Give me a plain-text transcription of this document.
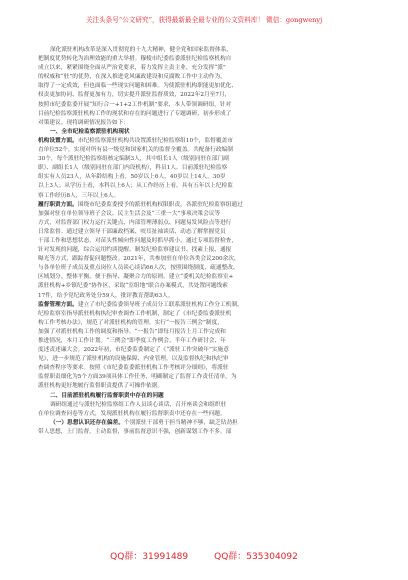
关注头条号“公文研究”，获得最新最全最专业的公文资料库！ 微信：gongwenyj
深化派驻机构改革是深入贯彻党的十九大精神，健全党和国家监督体系，
把制度优势转化为治理效能的重大举措。穆棱市纪委监委派驻纪检监察机构自
成立以来，紧紧围绕全面从严治党要求，着力发挥主责主业，充分发挥“派”
的权威和“驻”的优势，在深入推进党风廉政建设和反腐败工作中主动作为，
取得了一定成效，但也面临一些现实问题和困难。为使派驻机构职能更加优化、
权责更加协同、监督更加有力，切实提升派驻监督质效，2022年2月至7月，
按照市纪委监委开展“知行合一+1+2工作机制”要求，本人带领调研组，针对
目前纪检监察派驻机构工作的现状和存在的问题进行了专题调研，初步形成了
对策建议。现将调研情况报告如下：
一、全市纪检监察派驻机构现状
机构设置方面。市纪检监察派驻机构共设置派驻纪检监察组10个，监督覆盖市
直单位52个，实现对所有县一级党和国家机关的监督全覆盖。共配备行政编制
30个，每个派驻纪检监察组核定编制3人，其中组长1人（级别同驻在部门副
职）、副组长1人（级别同驻在部门内设机构），科员1人。目前派驻纪检监察
组实有人员23人，从年龄结构上看，50岁以上6人，40岁以上14人，30岁
以上3人；从学历上看，本科以上6人；从工作经历上看，具有五年以上纪检监
察工作经历8人，三年以上6人。
履行职责方面。围绕市纪委监委授予的派驻机构权限职责，各派驻纪检监察组通过
加强对驻在单位领导班子会议、民主生活会及“三重一大”事项决策会议等
方式，对监督部门权力运行关键点、内部管理薄弱点、问题易发风险点等进行
日常监督。通过建立领导干部廉政档案、咬耳扯袖谈话、动态了解掌握党员
干部工作和思想状态，对苗头性倾向性问题及时抓早抓小。通过专项监督检查，
针对发现的问题，综合运用约谈提醒、制发纪检监察建议书、找素上报、通报
曝光等方式，跟踪督促问题整改。2021年，共参加驻在单位各类会议200余次，
与各单位班子成员及重点岗位人员谈心谈话66人次，按照围绕制度、疏通整改、
区域划分、整体平衡、便于指导、凝聚合力的原则。建立“委机关纪检监察室+
派驻机构+乡镇纪委”协作区，采取“室组地”联合办案模式，共处置问题线索
17件，给予党纪政务处分59人，批评教育帮助63人。
监督管理方面。建立了市纪委监委领导班子成员分工联系派驻机构工作分工机制、
纪检监察室指导派驻机构执纪审查调查工作机制，制定了《市纪委监委派驻机
构工作考核办法》，规范了对派驻机构的管理。实行“一报告三例会”制度，
加强了对派驻机构工作的调度和指导。“一报告”即每月报告上月工作完成和
推进情况，本月工作计划。“三例会”即季度工作例会、半年工作研讨会、年
度述责述廉大会。2022年初，市纪委监委制定了《“派驻工作突破年”实施意
见》，进一步规范了派驻机构的设施保障、内业管理，以及监督执纪和执纪审
查调查程序等要求。按照《市纪委监委派驻机构工作考核评分细则》，将派驻
监督职责细化为5个方面39项具体工作任务，明确制定了监督工作责任清单，为
派驻机构更好地履行监督职责提供了可操作依据。
二、目前派驻机构履行监督职责中存在的问题
调研组通过与派驻纪检监察组工作人员谈心谈话、召开座谈会和组织驻
在单位调查问卷等方式，发现派驻机构在履行监督职责中还存在一些问题。
（一）思想认识还存在偏差。个别派驻干部勇于担当精神不够，缺乏钻劲担
带人思想，上门监督，主动监督，事前监督意识不强，创新谋划工作不多。部
QQ群：31991489	QQ群：535304092
